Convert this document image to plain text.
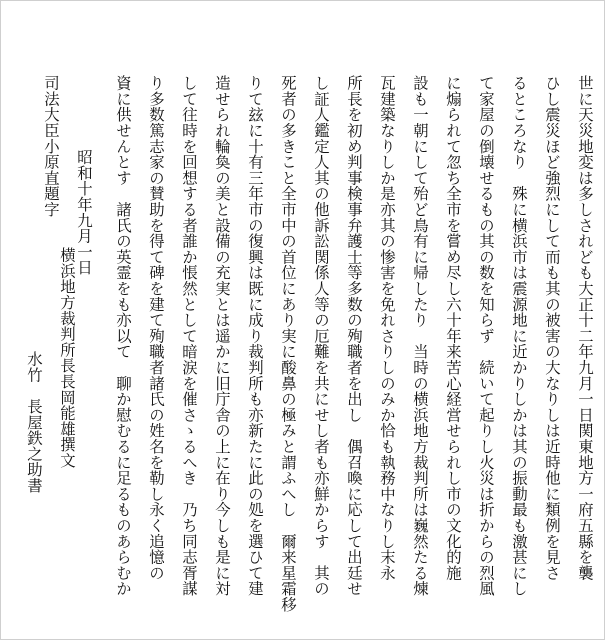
世に天災地変は多しされども大正十二年九月一日関東地方一府五縣を襲
ひし震災ほど強烈にして而も其の被害の大なりしは近時他に類例を見さ
るところなり　殊に横浜市は震源地に近かりしかは其の振動最も激甚にし
て家屋の倒壊せるもの其の数を知らず　続いて起りし火災は折からの烈風
に煽られて忽ち全市を嘗め尽し六十年来苦心経営せられし市の文化的施
設も一朝にして殆ど鳥有に帰したり　当時の横浜地方裁判所は巍然たる煉
瓦建築なりしか是亦其の惨害を免れさりしのみか恰も執務中なりし末永
所長を初め判事検事弁護士等多数の殉職者を出し　偶召喚に応して出廷せ
し証人鑑定人其の他訴訟関係人等の厄難を共にせし者も亦鮮からす　其の
死者の多きこと全市中の首位にあり実に酸鼻の極みと謂ふへし　爾来星霜移
りて玆に十有三年市の復興は既に成り裁判所も亦新たに此の処を選ひて建
造せられ輪奐の美と設備の充実とは遥かに旧庁舎の上に在り今しも是に対
して往時を回想する者誰か悵然として暗涙を催さゝるへき　乃ち同志胥謀
り多数篤志家の賛助を得て碑を建て殉職者諸氏の姓名を勒し永く追憶の
資に供せんとす　諸氏の英霊をも亦以て　聊か慰むるに足るものあらむか
昭和十年九月一日
司法大臣小原直題字
横浜地方裁判所長長岡能雄撰文
水竹　長屋鉄之助書
